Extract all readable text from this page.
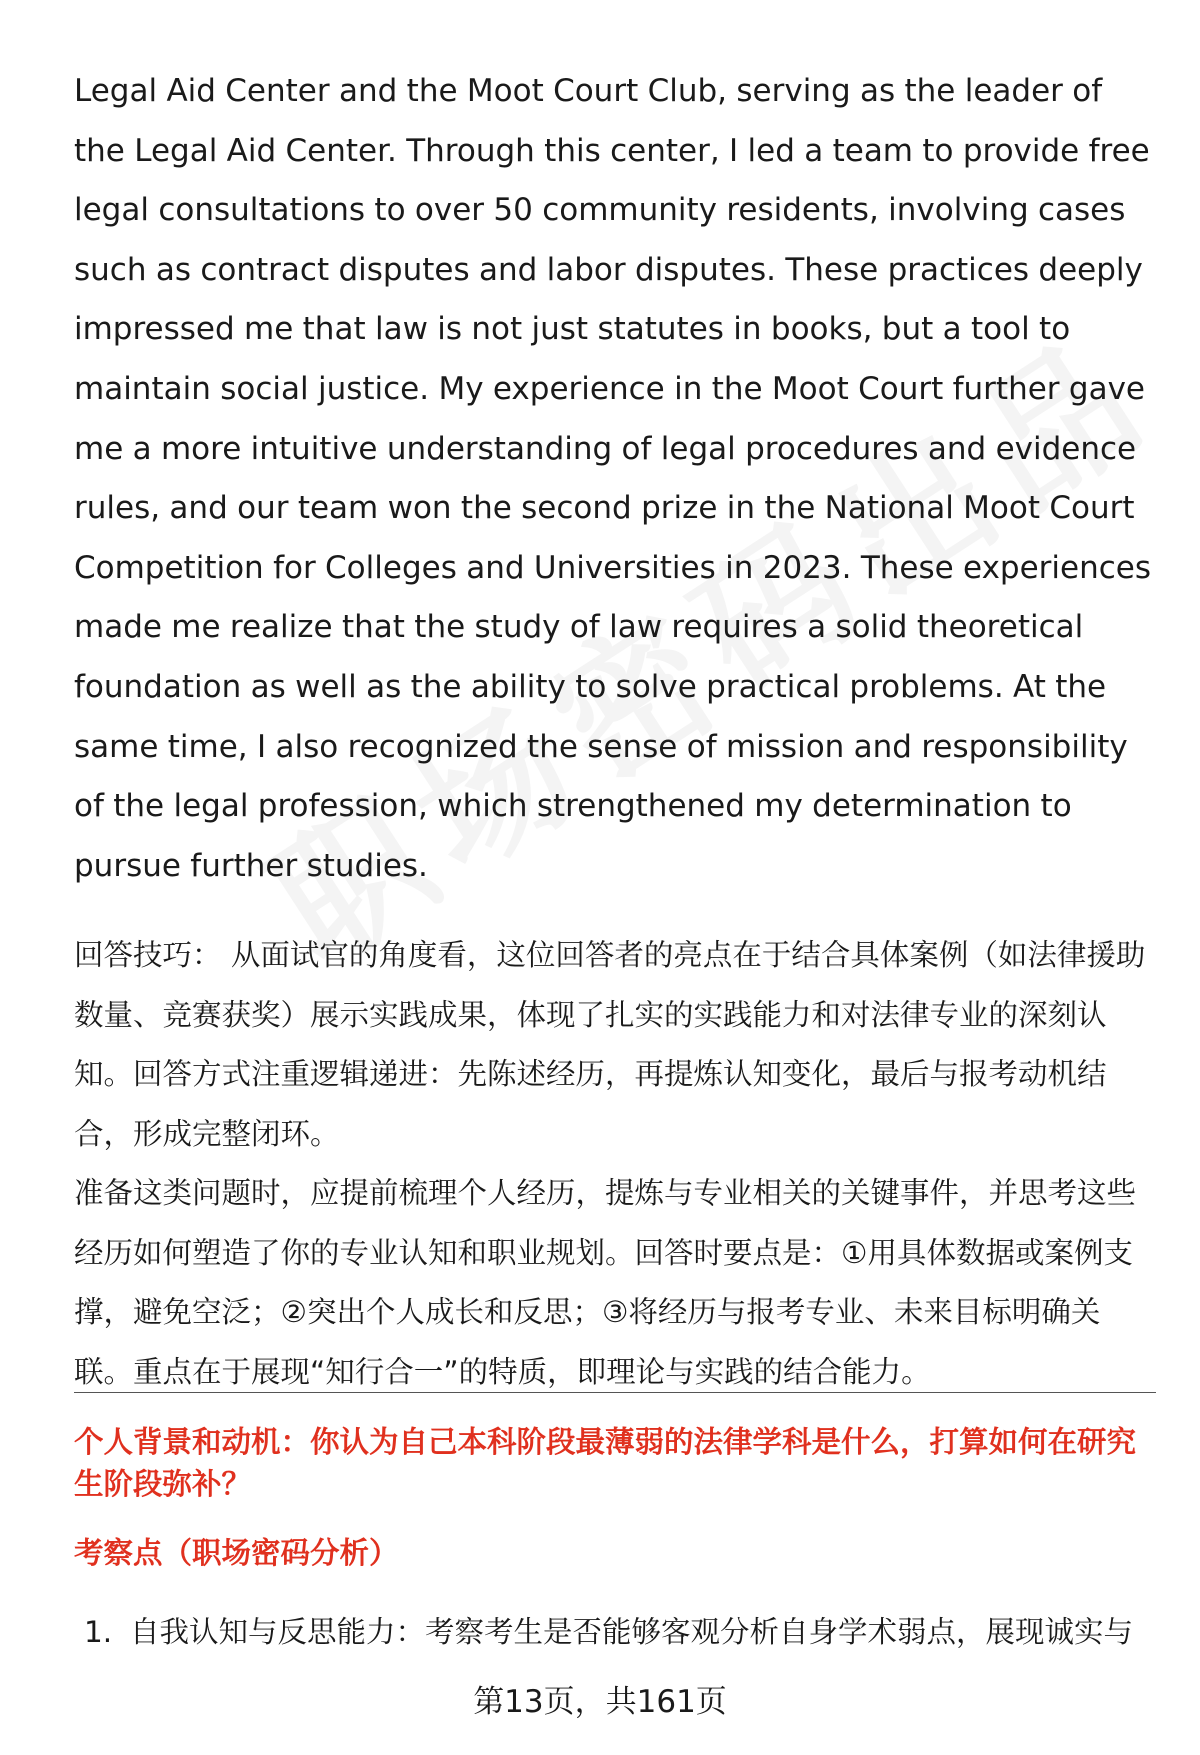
Legal Aid Center and the Moot Court Club, serving as the leader of the Legal Aid Center. Through this center, I led a team to provide free legal consultations to over 50 community residents, involving cases such as contract disputes and labor disputes. These practices deeply impressed me that law is not just statutes in books, but a tool to maintain social justice. My experience in the Moot Court further gave me a more intuitive understanding of legal procedures and evidence rules, and our team won the second prize in the National Moot Court Competition for Colleges and Universities in 2023. These experiences made me realize that the study of law requires a solid theoretical foundation as well as the ability to solve practical problems. At the same time, I also recognized the sense of mission and responsibility of the legal profession, which strengthened my determination to pursue further studies.

回答技巧： 从面试官的角度看，这位回答者的亮点在于结合具体案例（如法律援助数量、竞赛获奖）展示实践成果，体现了扎实的实践能力和对法律专业的深刻认知。回答方式注重逻辑递进：先陈述经历，再提炼认知变化，最后与报考动机结合，形成完整闭环。

准备这类问题时，应提前梳理个人经历，提炼与专业相关的关键事件，并思考这些经历如何塑造了你的专业认知和职业规划。回答时要点是：①用具体数据或案例支撑，避免空泛；②突出个人成长和反思；③将经历与报考专业、未来目标明确关联。重点在于展现“知行合一”的特质，即理论与实践的结合能力。

个人背景和动机：你认为自己本科阶段最薄弱的法律学科是什么，打算如何在研究生阶段弥补？

考察点（职场密码分析）

1. 自我认知与反思能力：考察考生是否能够客观分析自身学术弱点，展现诚实与

第13页，共161页
